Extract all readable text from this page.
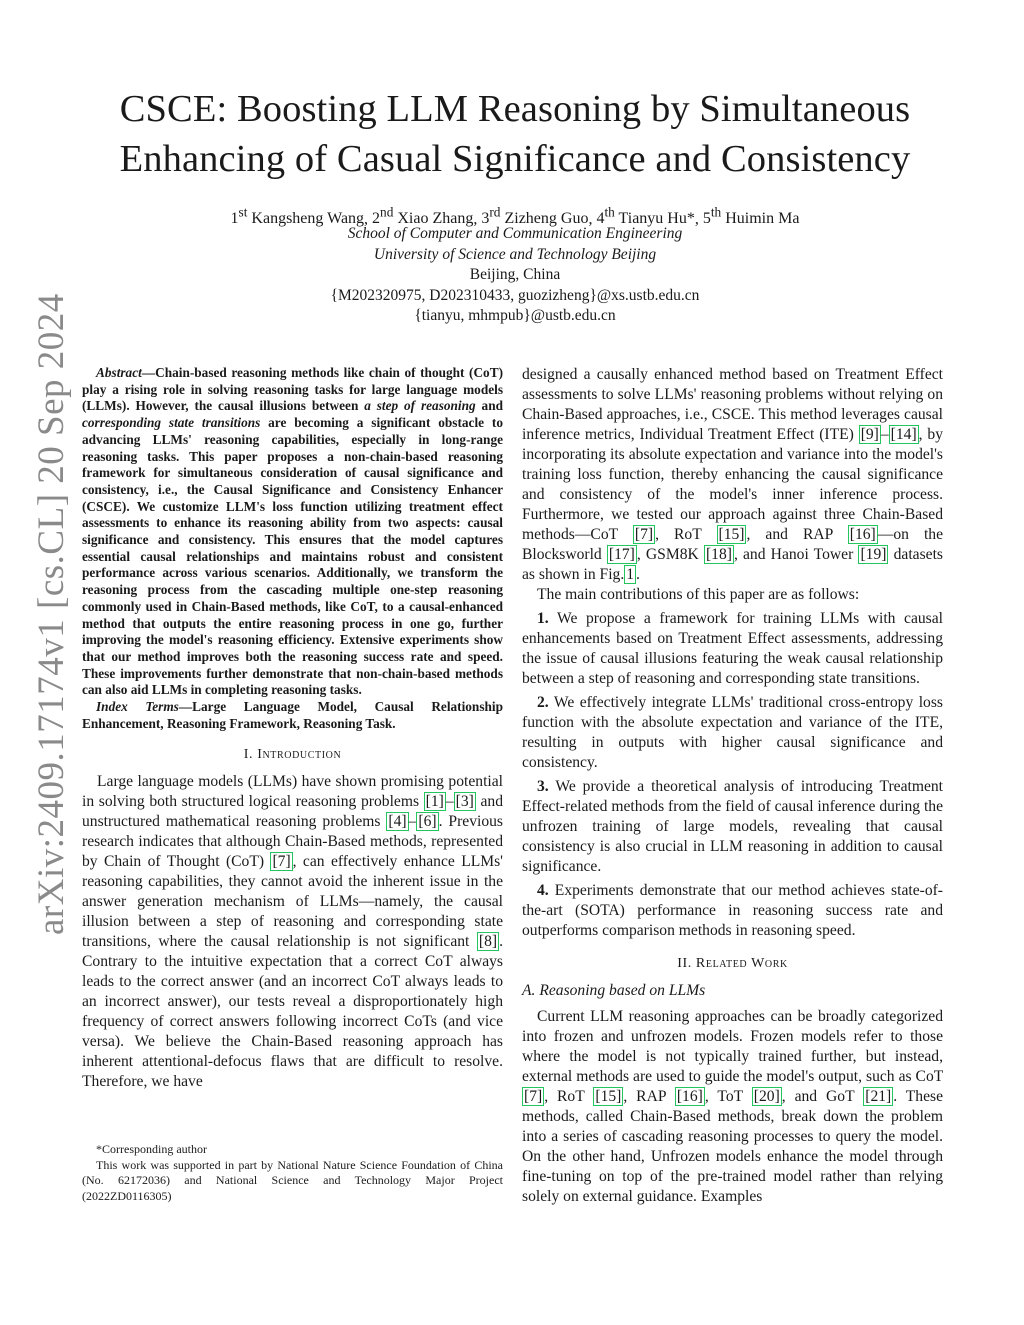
CSCE: Boosting LLM Reasoning by Simultaneous
Enhancing of Casual Significance and Consistency
1st Kangsheng Wang, 2nd Xiao Zhang, 3rd Zizheng Guo, 4th Tianyu Hu*, 5th Huimin Ma
School of Computer and Communication Engineering
University of Science and Technology Beijing
Beijing, China
{M202320975, D202310433, guozizheng}@xs.ustb.edu.cn
{tianyu, mhmpub}@ustb.edu.cn
arXiv:2409.17174v1 [cs.CL] 20 Sep 2024	Abstract—Chain-based reasoning methods like chain of thought (CoT) play a rising role in solving reasoning tasks for large language models (LLMs). However, the causal illusions between a step of reasoning and corresponding state transitions are becoming a significant obstacle to advancing LLMs' reasoning capabilities, especially in long-range reasoning tasks. This paper proposes a non-chain-based reasoning framework for simultaneous consideration of causal significance and consistency, i.e., the Causal Significance and Consistency Enhancer (CSCE). We customize LLM's loss function utilizing treatment effect assessments to enhance its reasoning ability from two aspects: causal significance and consistency. This ensures that the model captures essential causal relationships and maintains robust and consistent performance across various scenarios. Additionally, we transform the reasoning process from the cascading multiple one-step reasoning commonly used in Chain-Based methods, like CoT, to a causal-enhanced method that outputs the entire reasoning process in one go, further improving the model's reasoning efficiency. Extensive experiments show that our method improves both the reasoning success rate and speed. These improvements further demonstrate that non-chain-based methods can also aid LLMs in completing reasoning tasks.

Index Terms—Large Language Model, Causal Relationship Enhancement, Reasoning Framework, Reasoning Task.

I. Introduction

Large language models (LLMs) have shown promising potential in solving both structured logical reasoning problems [1] – [3] and unstructured mathematical reasoning problems [4] – [6] . Previous research indicates that although Chain-Based methods, represented by Chain of Thought (CoT) [7] , can effectively enhance LLMs' reasoning capabilities, they cannot avoid the inherent issue in the answer generation mechanism of LLMs—namely, the causal illusion between a step of reasoning and corresponding state transitions, where the causal relationship is not significant [8] . Contrary to the intuitive expectation that a correct CoT always leads to the correct answer (and an incorrect CoT always leads to an incorrect answer), our tests reveal a disproportionately high frequency of correct answers following incorrect CoTs (and vice versa). We believe the Chain-Based reasoning approach has inherent attentional-defocus flaws that are difficult to resolve. Therefore, we have

*Corresponding author

This work was supported in part by National Nature Science Foundation of China (No. 62172036) and National Science and Technology Major Project (2022ZD0116305)

designed a causally enhanced method based on Treatment Effect assessments to solve LLMs' reasoning problems without relying on Chain-Based approaches, i.e., CSCE. This method leverages causal inference metrics, Individual Treatment Effect (ITE) [9] – [14] , by incorporating its absolute expectation and variance into the model's training loss function, thereby enhancing the causal significance and consistency of the model's inner inference process. Furthermore, we tested our approach against three Chain-Based methods—CoT [7] , RoT [15] , and RAP [16] —on the Blocksworld [17] , GSM8K [18] , and Hanoi Tower [19] datasets as shown in Fig. 1 .

The main contributions of this paper are as follows:

1. We propose a framework for training LLMs with causal enhancements based on Treatment Effect assessments, addressing the issue of causal illusions featuring the weak causal relationship between a step of reasoning and corresponding state transitions.

2. We effectively integrate LLMs' traditional cross-entropy loss function with the absolute expectation and variance of the ITE, resulting in outputs with higher causal significance and consistency.

3. We provide a theoretical analysis of introducing Treatment Effect-related methods from the field of causal inference during the unfrozen training of large models, revealing that causal consistency is also crucial in LLM reasoning in addition to causal significance.

4. Experiments demonstrate that our method achieves state-of-the-art (SOTA) performance in reasoning success rate and outperforms comparison methods in reasoning speed.

II. Related Work
A. Reasoning based on LLMs

Current LLM reasoning approaches can be broadly categorized into frozen and unfrozen models. Frozen models refer to those where the model is not typically trained further, but instead, external methods are used to guide the model's output, such as CoT [7] , RoT [15] , RAP [16] , ToT [20] , and GoT [21] . These methods, called Chain-Based methods, break down the problem into a series of cascading reasoning processes to query the model. On the other hand, Unfrozen models enhance the model through fine-tuning on top of the pre-trained model rather than relying solely on external guidance. Examples
